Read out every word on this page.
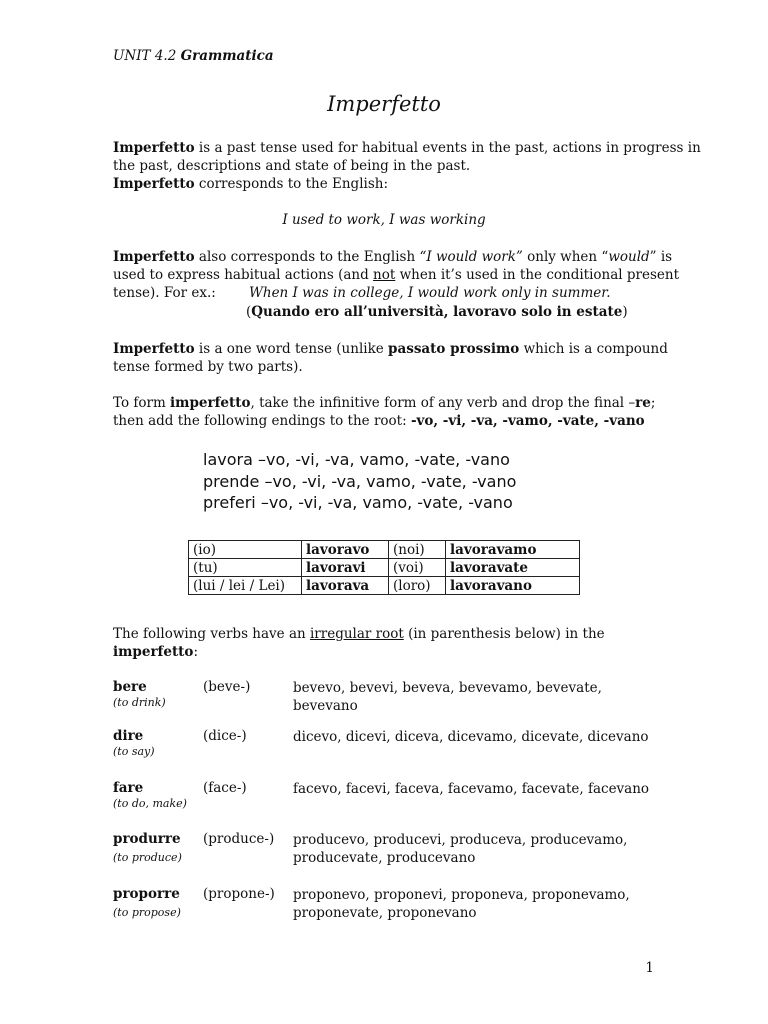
UNIT 4.2 Grammatica
Imperfetto
Imperfetto is a past tense used for habitual events in the past, actions in progress in
the past, descriptions and state of being in the past.
Imperfetto corresponds to the English:
I used to work, I was working
Imperfetto also corresponds to the English “I would work” only when “would” is
used to express habitual actions (and not when it’s used in the conditional present
tense). For ex.: When I was in college, I would work only in summer.
(Quando ero all’università, lavoravo solo in estate)
Imperfetto is a one word tense (unlike passato prossimo which is a compound
tense formed by two parts).
To form imperfetto, take the infinitive form of any verb and drop the final –re;
then add the following endings to the root: -vo, -vi, -va, -vamo, -vate, -vano
lavora –vo, -vi, -va, vamo, -vate, -vano
prende –vo, -vi, -va, vamo, -vate, -vano
preferi –vo, -vi, -va, vamo, -vate, -vano
(io)	lavoravo	(noi)	lavoravamo
(tu)	lavoravi	(voi)	lavoravate
(lui / lei / Lei)	lavorava	(loro)	lavoravano
The following verbs have an irregular root (in parenthesis below) in the
imperfetto:
bere
(to drink)
(beve-)	bevevo, bevevi, beveva, bevevamo, bevevate, bevevano
dire
(to say)
(dice-)	dicevo, dicevi, diceva, dicevamo, dicevate, dicevano
fare
(to do, make)
(face-)	facevo, facevi, faceva, facevamo, facevate, facevano
produrre
(to produce)
(produce-) producevo, producevi, produceva, producevamo, producevate, producevano
proporre
(to propose)
(propone-) proponevo, proponevi, proponeva, proponevamo, proponevate, proponevano
1
